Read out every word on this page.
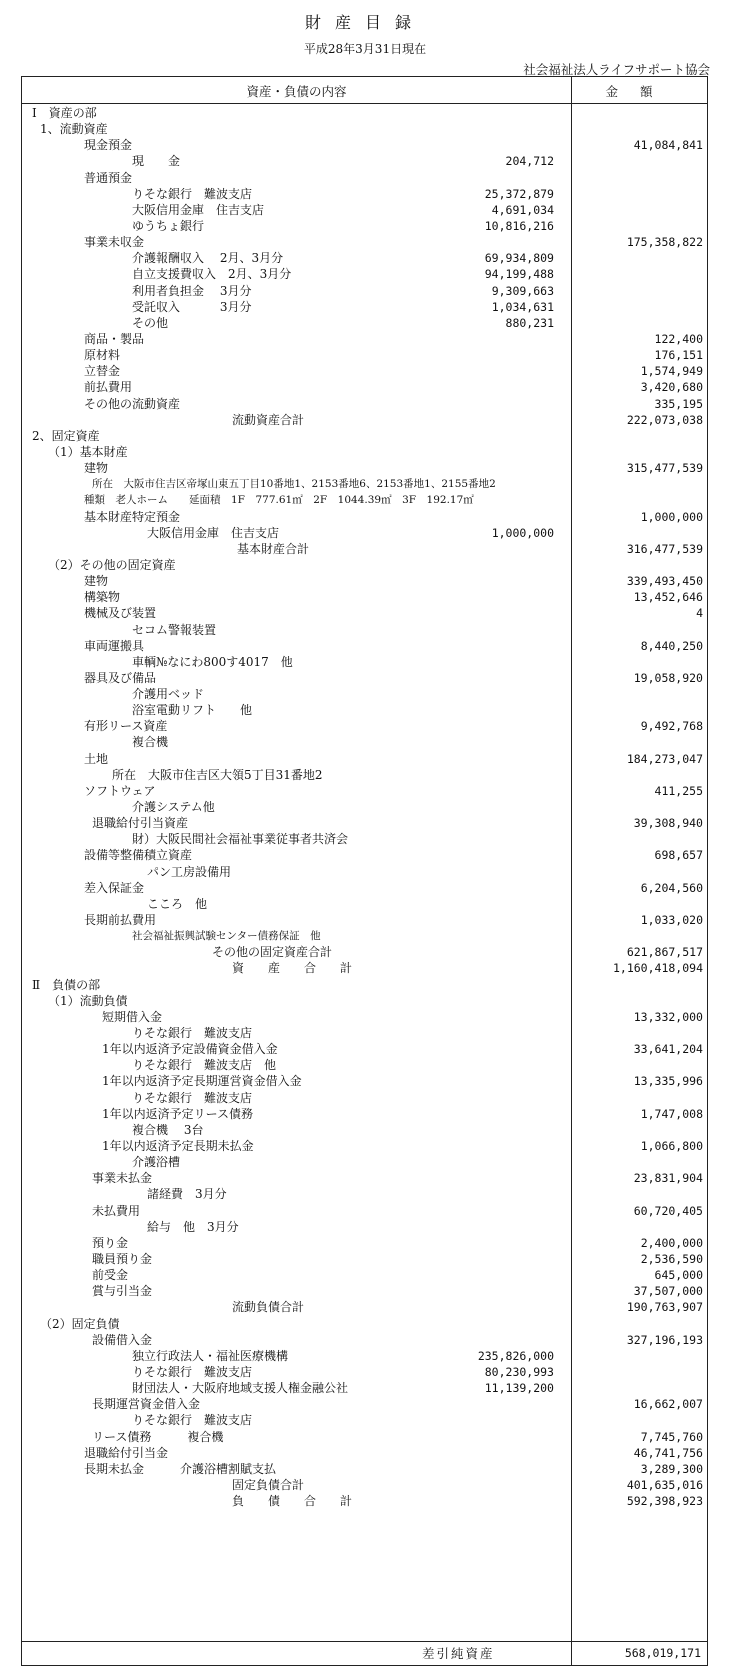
財産目録
平成28年3月31日現在
社会福祉法人ライフサポート協会
資産・負債の内容	金額
Ⅰ　資産の部
1、流動資産
現金預金	41,084,841
現　　金	204,712
普通預金
りそな銀行　難波支店	25,372,879
大阪信用金庫　住吉支店	4,691,034
ゆうちょ銀行	10,816,216
事業未収金	175,358,822
介護報酬収入　 2月、3月分	69,934,809
自立支援費収入　2月、3月分	94,199,488
利用者負担金　 3月分	9,309,663
受託収入　　　 3月分	1,034,631
その他	880,231
商品・製品	122,400
原材料	176,151
立替金	1,574,949
前払費用	3,420,680
その他の流動資産	335,195
流動資産合計	222,073,038
2、固定資産
（1）基本財産
建物	315,477,539
所在　大阪市住吉区帝塚山東五丁目10番地1、2153番地6、2153番地1、2155番地2
種類　老人ホーム　　延面積　1F　777.61㎡　2F　1044.39㎡　3F　192.17㎡
基本財産特定預金	1,000,000
大阪信用金庫　住吉支店	1,000,000
基本財産合計	316,477,539
（2）その他の固定資産
建物	339,493,450
構築物	13,452,646
機械及び装置	4
セコム警報装置
車両運搬具	8,440,250
車輌№なにわ800す4017　他
器具及び備品	19,058,920
介護用ベッド
浴室電動リフト　　他
有形リース資産	9,492,768
複合機
土地	184,273,047
所在　大阪市住吉区大領5丁目31番地2
ソフトウェア	411,255
介護システム他
退職給付引当資産	39,308,940
財）大阪民間社会福祉事業従事者共済会
設備等整備積立資産	698,657
パン工房設備用
差入保証金	6,204,560
こころ　他
長期前払費用	1,033,020
社会福祉振興試験センター債務保証　他
その他の固定資産合計	621,867,517
資　　産　　合　　計	1,160,418,094
Ⅱ　負債の部
（1）流動負債
短期借入金	13,332,000
りそな銀行　難波支店
1年以内返済予定設備資金借入金	33,641,204
りそな銀行　難波支店　他
1年以内返済予定長期運営資金借入金	13,335,996
りそな銀行　難波支店
1年以内返済予定リース債務	1,747,008
複合機　 3台
1年以内返済予定長期未払金	1,066,800
介護浴槽
事業未払金	23,831,904
諸経費　3月分
未払費用	60,720,405
給与　他　3月分
預り金	2,400,000
職員預り金	2,536,590
前受金	645,000
賞与引当金	37,507,000
流動負債合計	190,763,907
（2）固定負債
設備借入金	327,196,193
独立行政法人・福祉医療機構	235,826,000
りそな銀行　難波支店	80,230,993
財団法人・大阪府地域支援人権金融公社	11,139,200
長期運営資金借入金	16,662,007
りそな銀行　難波支店
リース債務　　　複合機	7,745,760
退職給付引当金	46,741,756
長期未払金　　　介護浴槽割賦支払	3,289,300
固定負債合計	401,635,016
負　　債　　合　　計	592,398,923
差引純資産	568,019,171
